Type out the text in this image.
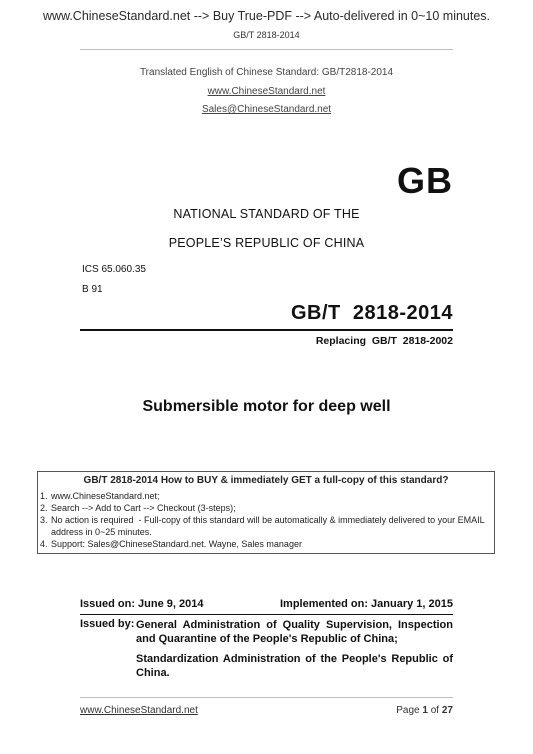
www.ChineseStandard.net --> Buy True-PDF --> Auto-delivered in 0~10 minutes.
GB/T 2818-2014
Translated English of Chinese Standard: GB/T2818-2014
www.ChineseStandard.net
Sales@ChineseStandard.net
GB
NATIONAL STANDARD OF THE
PEOPLE’S REPUBLIC OF CHINA
ICS 65.060.35
B 91
GB/T  2818-2014
Replacing  GB/T  2818-2002
Submersible motor for deep well
GB/T 2818-2014 How to BUY & immediately GET a full-copy of this standard?
1. www.ChineseStandard.net;
2. Search --> Add to Cart --> Checkout (3-steps);
3. No action is required  - Full-copy of this standard will be automatically & immediately delivered to your EMAIL address in 0~25 minutes.
4. Support: Sales@ChineseStandard.net. Wayne, Sales manager
Issued on: June 9, 2014	Implemented on: January 1, 2015
Issued by: General Administration of Quality Supervision, Inspection and Quarantine of the People's Republic of China;
Standardization Administration of the People's Republic of China.
www.ChineseStandard.net	Page 1 of 27
